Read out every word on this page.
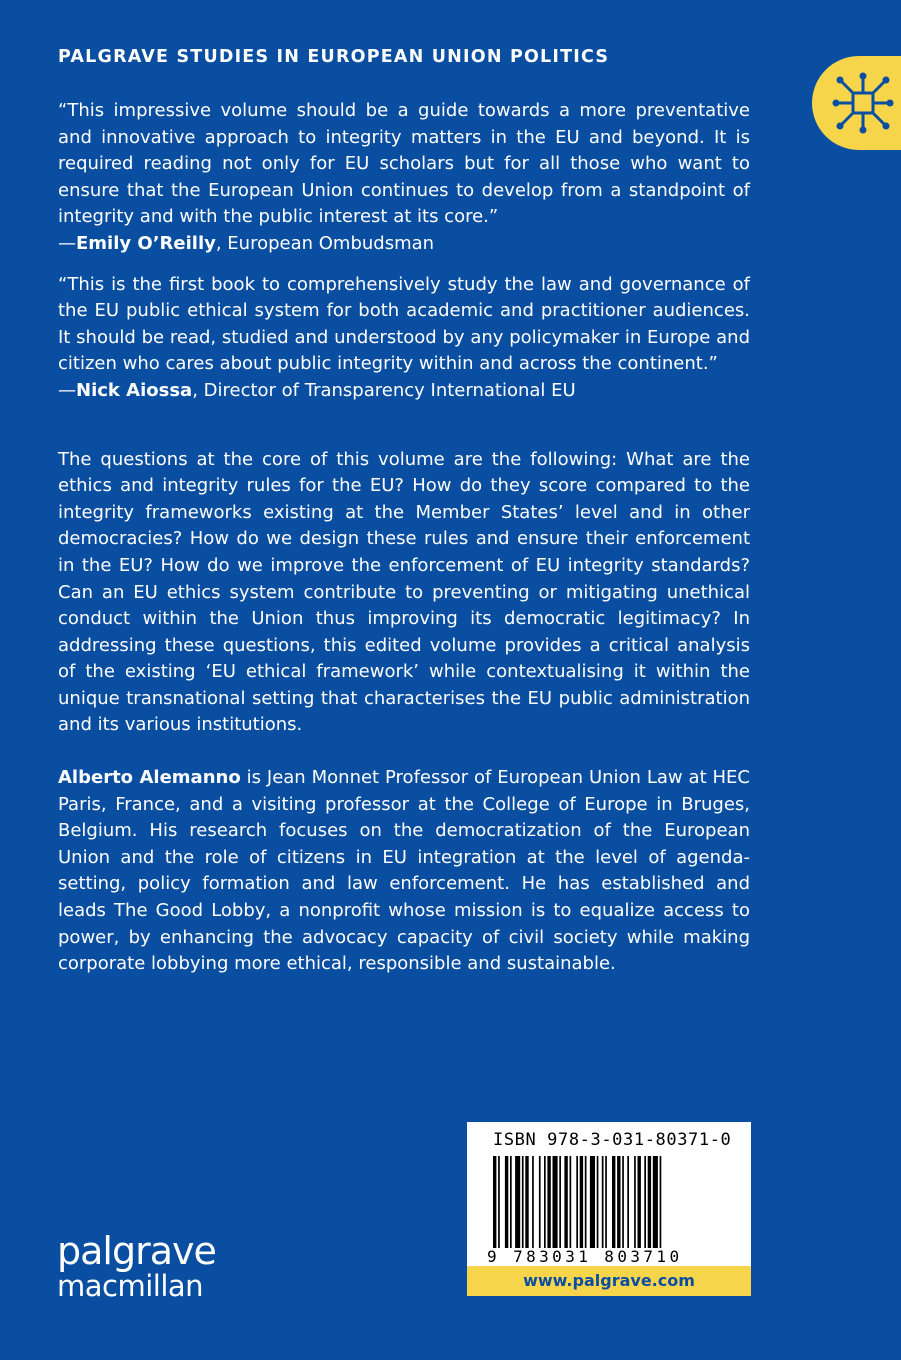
PALGRAVE STUDIES IN EUROPEAN UNION POLITICS

“This impressive volume should be a guide towards a more preventative and innovative approach to integrity matters in the EU and beyond. It is required reading not only for EU scholars but for all those who want to ensure that the European Union continues to develop from a standpoint of integrity and with the public interest at its core.”
—Emily O’Reilly, European Ombudsman

“This is the first book to comprehensively study the law and governance of the EU public ethical system for both academic and practitioner audiences. It should be read, studied and understood by any policymaker in Europe and citizen who cares about public integrity within and across the continent.”
—Nick Aiossa, Director of Transparency International EU

The questions at the core of this volume are the following: What are the ethics and integrity rules for the EU? How do they score compared to the integrity frameworks existing at the Member States’ level and in other democracies? How do we design these rules and ensure their enforcement in the EU? How do we improve the enforcement of EU integrity standards? Can an EU ethics system contribute to preventing or mitigating unethical conduct within the Union thus improving its democratic legitimacy? In addressing these questions, this edited volume provides a critical analysis of the existing ‘EU ethical framework’ while contextualising it within the unique transnational setting that characterises the EU public administration and its various institutions.

Alberto Alemanno is Jean Monnet Professor of European Union Law at HEC Paris, France, and a visiting professor at the College of Europe in Bruges, Belgium. His research focuses on the democratization of the European Union and the role of citizens in EU integration at the level of agenda-setting, policy formation and law enforcement. He has established and leads The Good Lobby, a nonprofit whose mission is to equalize access to power, by enhancing the advocacy capacity of civil society while making corporate lobbying more ethical, responsible and sustainable.

ISBN 978-3-031-80371-0
9 783031 803710
www.palgrave.com
palgrave
macmillan
